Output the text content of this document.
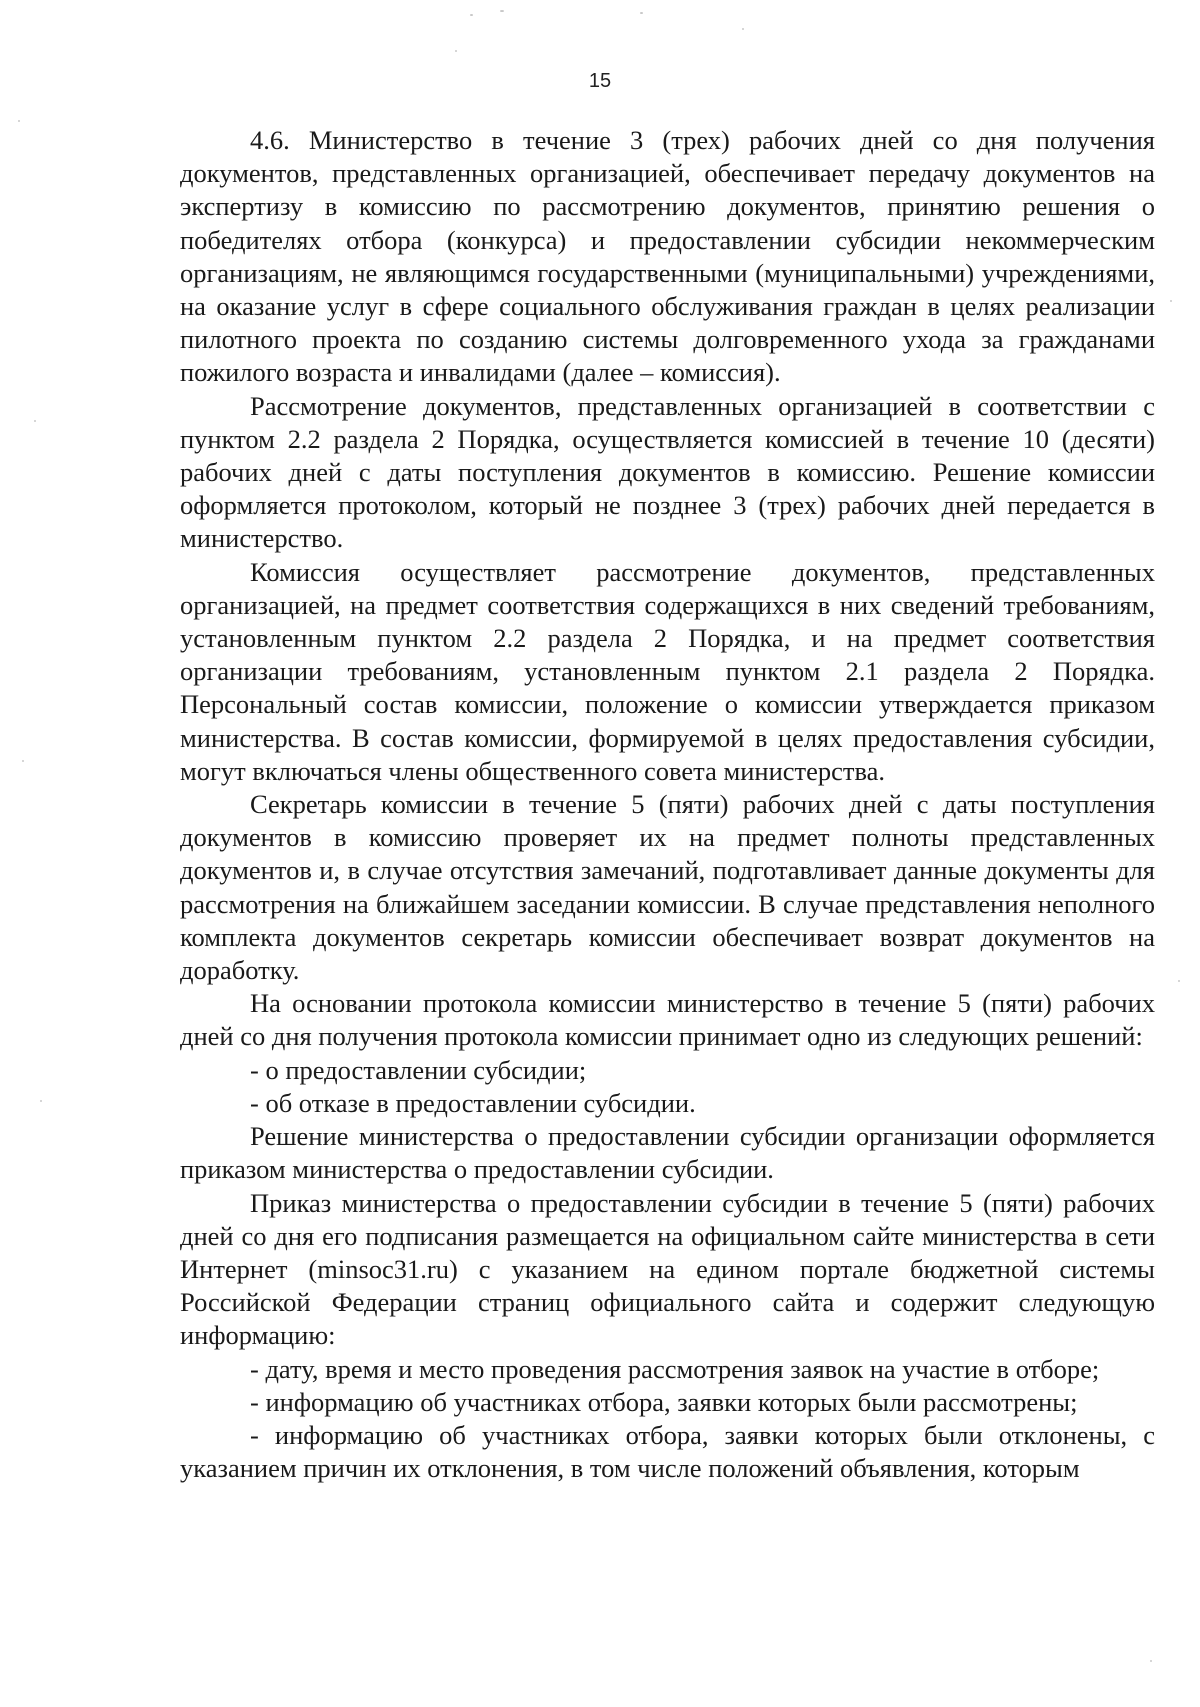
15

4.6. Министерство в течение 3 (трех) рабочих дней со дня получения документов, представленных организацией, обеспечивает передачу документов на экспертизу в комиссию по рассмотрению документов, принятию решения о победителях отбора (конкурса) и предоставлении субсидии некоммерческим организациям, не являющимся государственными (муниципальными) учреждениями, на оказание услуг в сфере социального обслуживания граждан в целях реализации пилотного проекта по созданию системы долговременного ухода за гражданами пожилого возраста и инвалидами (далее – комиссия).

Рассмотрение документов, представленных организацией в соответствии с пунктом 2.2 раздела 2 Порядка, осуществляется комиссией в течение 10 (десяти) рабочих дней с даты поступления документов в комиссию. Решение комиссии оформляется протоколом, который не позднее 3 (трех) рабочих дней передается в министерство.

Комиссия осуществляет рассмотрение документов, представленных организацией, на предмет соответствия содержащихся в них сведений требованиям, установленным пунктом 2.2 раздела 2 Порядка, и на предмет соответствия организации требованиям, установленным пунктом 2.1 раздела 2 Порядка. Персональный состав комиссии, положение о комиссии утверждается приказом министерства. В состав комиссии, формируемой в целях предоставления субсидии, могут включаться члены общественного совета министерства.

Секретарь комиссии в течение 5 (пяти) рабочих дней с даты поступления документов в комиссию проверяет их на предмет полноты представленных документов и, в случае отсутствия замечаний, подготавливает данные документы для рассмотрения на ближайшем заседании комиссии. В случае представления неполного комплекта документов секретарь комиссии обеспечивает возврат документов на доработку.

На основании протокола комиссии министерство в течение 5 (пяти) рабочих дней со дня получения протокола комиссии принимает одно из следующих решений:

- о предоставлении субсидии;

- об отказе в предоставлении субсидии.

Решение министерства о предоставлении субсидии организации оформляется приказом министерства о предоставлении субсидии.

Приказ министерства о предоставлении субсидии в течение 5 (пяти) рабочих дней со дня его подписания размещается на официальном сайте министерства в сети Интернет (minsoc31.ru) с указанием на едином портале бюджетной системы Российской Федерации страниц официального сайта и содержит следующую информацию:

- дату, время и место проведения рассмотрения заявок на участие в отборе;

- информацию об участниках отбора, заявки которых были рассмотрены;

- информацию об участниках отбора, заявки которых были отклонены, с указанием причин их отклонения, в том числе положений объявления, которым
